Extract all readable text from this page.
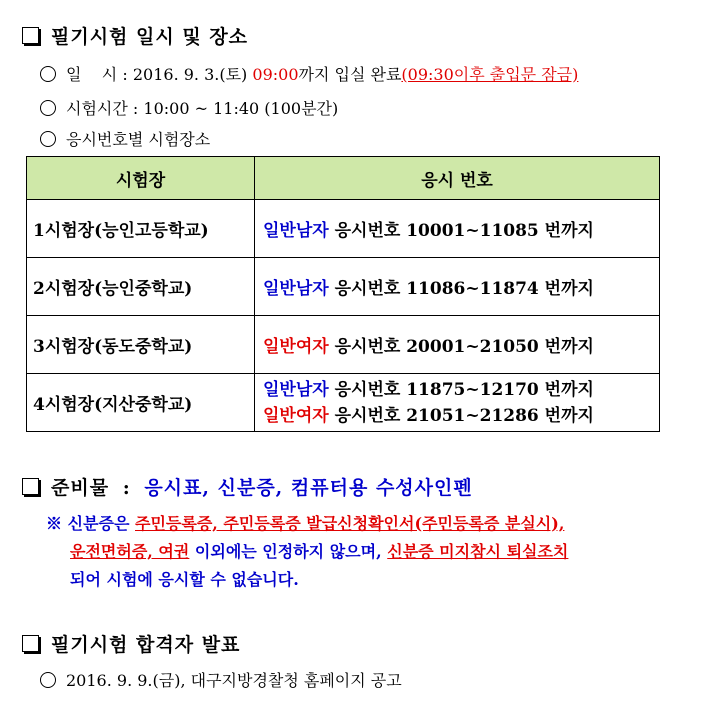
필기시험 일시 및 장소
일    시 : 2016. 9. 3.(토) 09:00까지 입실 완료(09:30이후 출입문 잠금)
시험시간 : 10:00 ~ 11:40 (100분간)
응시번호별 시험장소
시험장	응시 번호
1시험장(능인고등학교)	일반남자 응시번호 10001~11085 번까지
2시험장(능인중학교)	일반남자 응시번호 11086~11874 번까지
3시험장(동도중학교)	일반여자 응시번호 20001~21050 번까지
4시험장(지산중학교)	일반남자 응시번호 11875~12170 번까지
일반여자 응시번호 21051~21286 번까지
준비물 : 응시표, 신분증, 컴퓨터용 수성사인펜
※ 신분증은 주민등록증, 주민등록증 발급신청확인서(주민등록증 분실시),
운전면허증, 여권 이외에는 인정하지 않으며, 신분증 미지참시 퇴실조치
되어 시험에 응시할 수 없습니다.
필기시험 합격자 발표
2016. 9. 9.(금), 대구지방경찰청 홈페이지 공고
